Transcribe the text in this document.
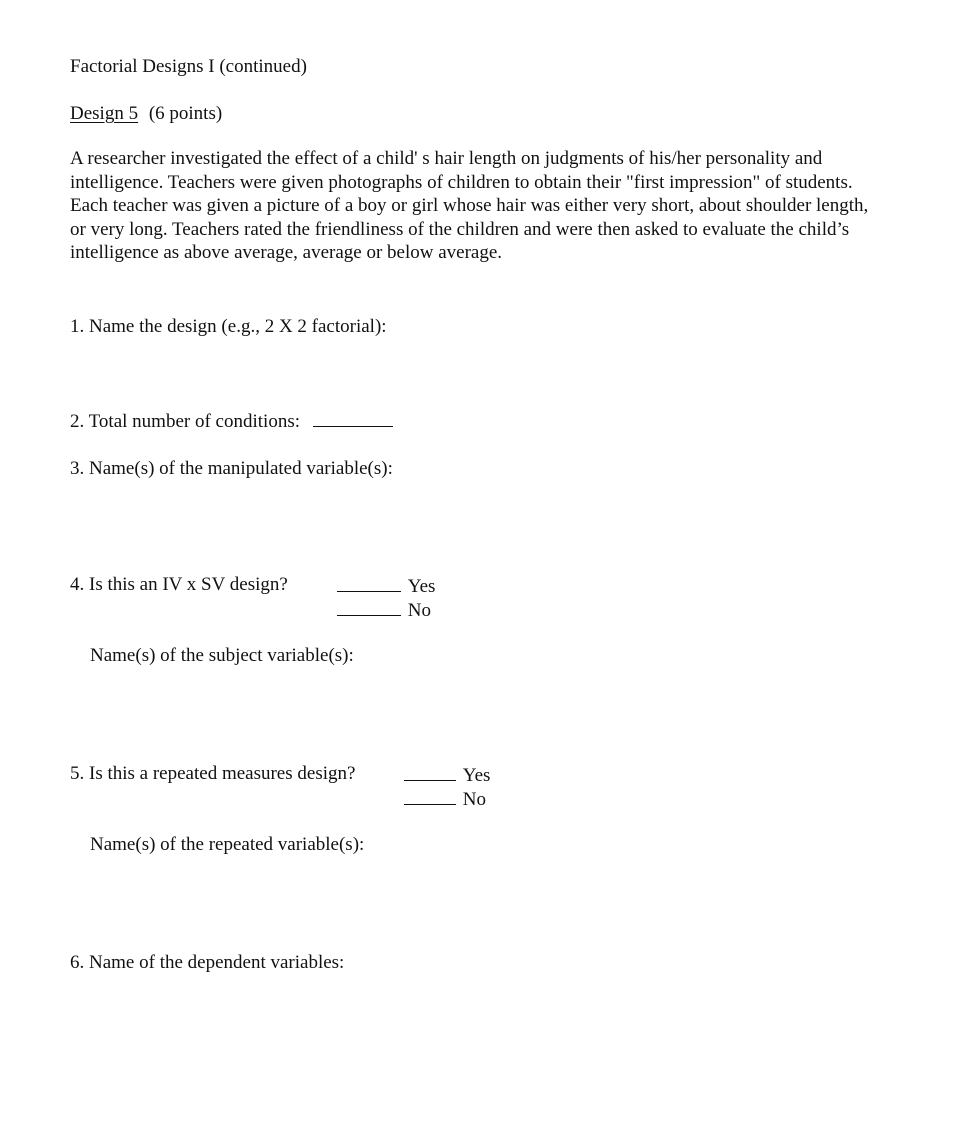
Factorial Designs I (continued)
Design 5 (6 points)
A researcher investigated the effect of a child' s hair length on judgments of his/her personality and
intelligence. Teachers were given photographs of children to obtain their "first impression" of students.
Each teacher was given a picture of a boy or girl whose hair was either very short, about shoulder length,
or very long. Teachers rated the friendliness of the children and were then asked to evaluate the child’s
intelligence as above average, average or below average.
1. Name the design (e.g., 2 X 2 factorial):
2. Total number of conditions:
3. Name(s) of the manipulated variable(s):
4. Is this an IV x SV design?	Yes
No
Name(s) of the subject variable(s):
5. Is this a repeated measures design?	Yes
No
Name(s) of the repeated variable(s):
6. Name of the dependent variables:
